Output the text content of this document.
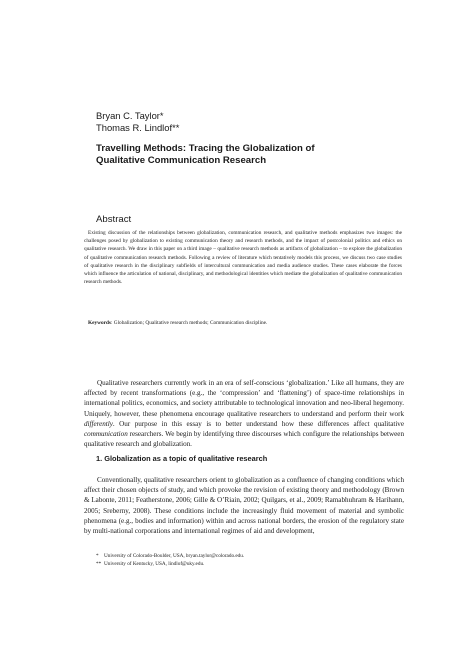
Bryan C. Taylor*
Thomas R. Lindlof**
Travelling Methods: Tracing the Globalization of
Qualitative Communication Research
Abstract

Existing discussion of the relationships between globalization, communication research, and qualitative methods emphasizes two images: the challenges posed by globalization to existing communication theory and research methods, and the impact of postcolonial politics and ethics on qualitative research. We draw in this paper on a third image – qualitative research methods as artifacts of globalization – to explore the globalization of qualitative communication research methods. Following a review of literature which tentatively models this process, we discuss two case studies of qualitative research in the disciplinary subfields of intercultural communication and media audience studies. These cases elaborate the forces which influence the articulation of national, disciplinary, and methodological identities which mediate the globalization of qualitative communication research methods.

Keywords: Globalization; Qualitative research methods; Communication discipline.

Qualitative researchers currently work in an era of self-conscious ‘globalization.’ Like all humans, they are affected by recent transformations (e.g., the ‘compression’ and ‘flattening’) of space-time relationships in international politics, economics, and society attributable to technological innovation and neo-liberal hegemony. Uniquely, however, these phenomena encourage qualitative researchers to understand and perform their work differently. Our purpose in this essay is to better understand how these differences affect qualitative communication researchers. We begin by identifying three discourses which configure the relationships between qualitative research and globalization.

1. Globalization as a topic of qualitative research

Conventionally, qualitative researchers orient to globalization as a confluence of changing conditions which affect their chosen objects of study, and which provoke the revision of existing theory and methodology (Brown & Labonte, 2011; Featherstone, 2006; Gille & O’Riain, 2002; Quilgars, et al., 2009; Ramabhuhram & Harihann, 2005; Sreberny, 2008). These conditions include the increasingly fluid movement of material and symbolic phenomena (e.g., bodies and information) within and across national borders, the erosion of the regulatory state by multi-national corporations and international regimes of aid and development,

* University of Colorado-Boulder, USA, bryan.taylor@colorado.edu.
** University of Kentucky, USA, lindlof@uky.edu.
